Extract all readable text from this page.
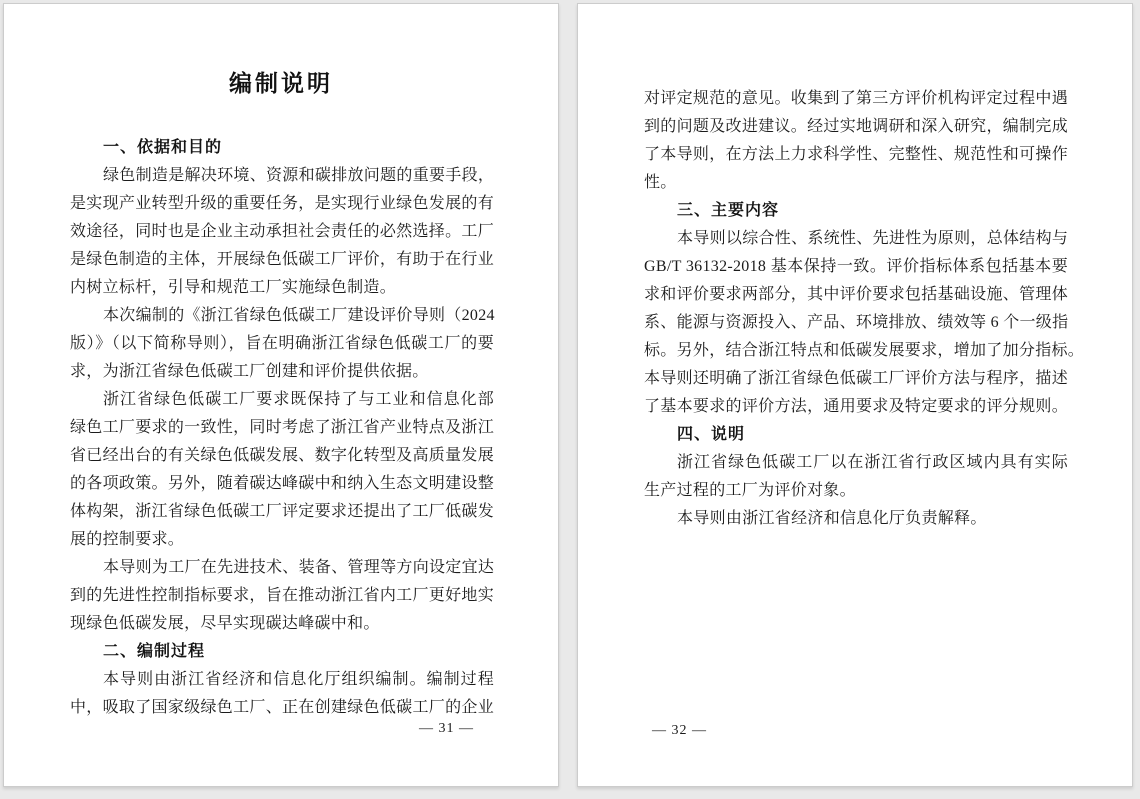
编制说明
一、依据和目的
绿色制造是解决环境、资源和碳排放问题的重要手段，
是实现产业转型升级的重要任务，是实现行业绿色发展的有
效途径，同时也是企业主动承担社会责任的必然选择。工厂
是绿色制造的主体，开展绿色低碳工厂评价，有助于在行业
内树立标杆，引导和规范工厂实施绿色制造。
本次编制的《浙江省绿色低碳工厂建设评价导则（2024
版）》（以下简称导则），旨在明确浙江省绿色低碳工厂的要
求，为浙江省绿色低碳工厂创建和评价提供依据。
浙江省绿色低碳工厂要求既保持了与工业和信息化部
绿色工厂要求的一致性，同时考虑了浙江省产业特点及浙江
省已经出台的有关绿色低碳发展、数字化转型及高质量发展
的各项政策。另外，随着碳达峰碳中和纳入生态文明建设整
体构架，浙江省绿色低碳工厂评定要求还提出了工厂低碳发
展的控制要求。
本导则为工厂在先进技术、装备、管理等方向设定宜达
到的先进性控制指标要求，旨在推动浙江省内工厂更好地实
现绿色低碳发展，尽早实现碳达峰碳中和。
二、编制过程
本导则由浙江省经济和信息化厅组织编制。编制过程
中，吸取了国家级绿色工厂、正在创建绿色低碳工厂的企业
— 31 —
对评定规范的意见。收集到了第三方评价机构评定过程中遇
到的问题及改进建议。经过实地调研和深入研究，编制完成
了本导则，在方法上力求科学性、完整性、规范性和可操作
性。
三、主要内容
本导则以综合性、系统性、先进性为原则，总体结构与
GB/T 36132-2018 基本保持一致。评价指标体系包括基本要
求和评价要求两部分，其中评价要求包括基础设施、管理体
系、能源与资源投入、产品、环境排放、绩效等 6 个一级指
标。另外，结合浙江特点和低碳发展要求，增加了加分指标。
本导则还明确了浙江省绿色低碳工厂评价方法与程序，描述
了基本要求的评价方法，通用要求及特定要求的评分规则。
四、说明
浙江省绿色低碳工厂以在浙江省行政区域内具有实际
生产过程的工厂为评价对象。
本导则由浙江省经济和信息化厅负责解释。
— 32 —
